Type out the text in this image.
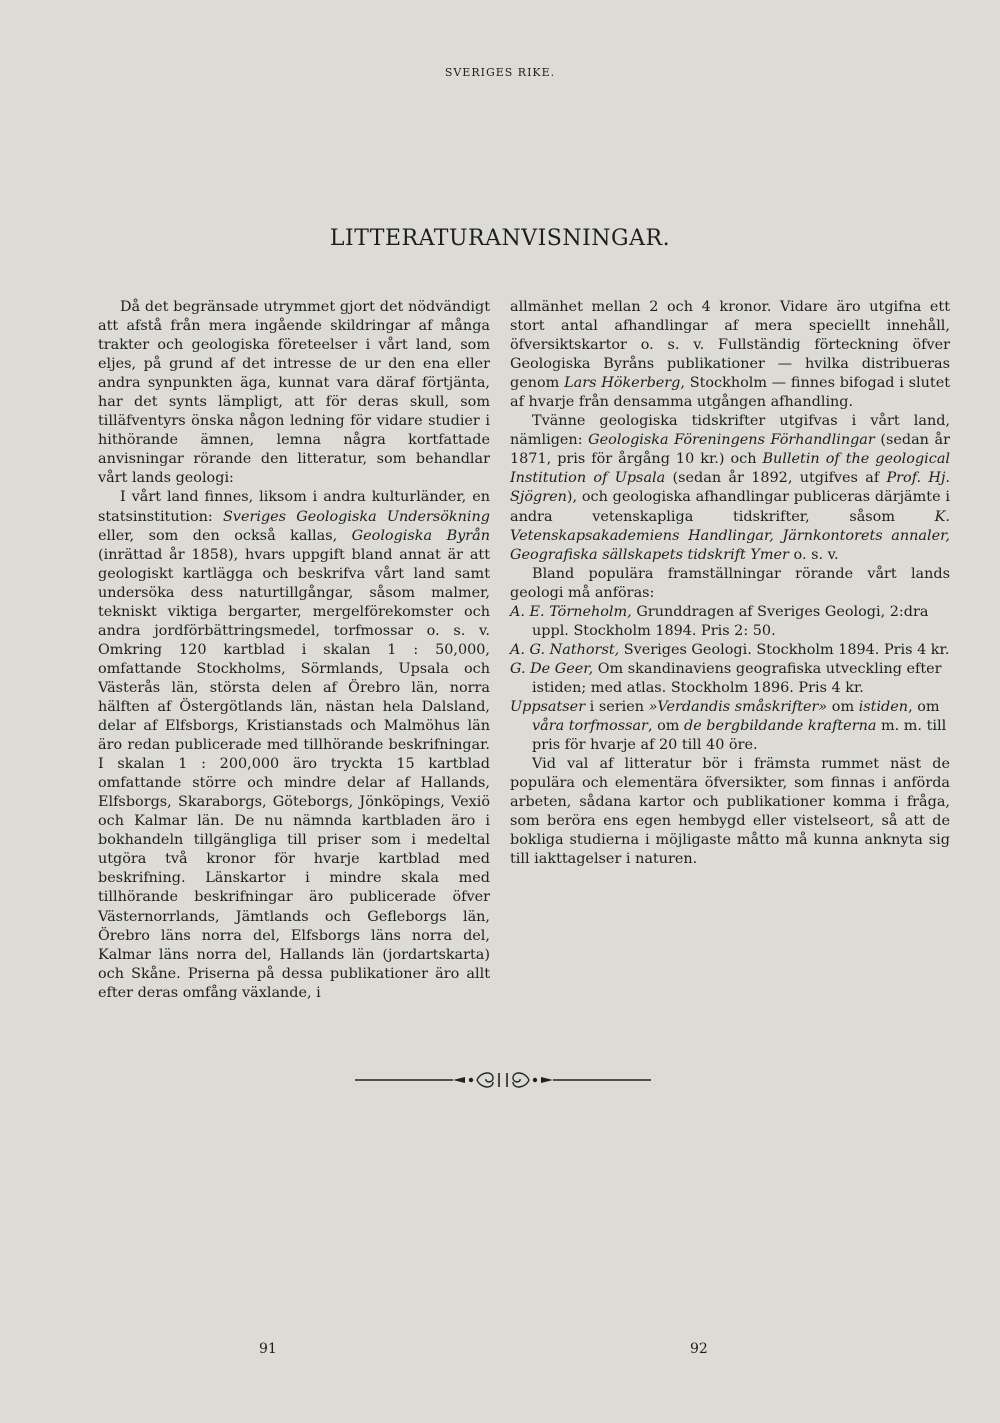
SVERIGES RIKE.
LITTERATURANVISNINGAR.

Då det begränsade utrymmet gjort det nödvändigt att afstå från mera ingående skildringar af många trakter och geologiska företeelser i vårt land, som eljes, på grund af det intresse de ur den ena eller andra synpunkten äga, kunnat vara däraf förtjänta, har det synts lämpligt, att för deras skull, som tilläfventyrs önska någon ledning för vidare studier i hithörande ämnen, lemna några kortfattade anvisningar rörande den litteratur, som behandlar vårt lands geologi:

I vårt land finnes, liksom i andra kulturländer, en statsinstitution: Sveriges Geologiska Undersökning eller, som den också kallas, Geologiska Byrån (inrättad år 1858), hvars uppgift bland annat är att geologiskt kartlägga och beskrifva vårt land samt undersöka dess naturtillgångar, såsom malmer, tekniskt viktiga bergarter, mergelförekomster och andra jordförbättringsmedel, torfmossar o. s. v. Omkring 120 kartblad i skalan 1 : 50,000, omfattande Stockholms, Sörmlands, Upsala och Västerås län, största delen af Örebro län, norra hälften af Östergötlands län, nästan hela Dalsland, delar af Elfsborgs, Kristianstads och Malmöhus län äro redan publicerade med tillhörande beskrifningar. I skalan 1 : 200,000 äro tryckta 15 kartblad omfattande större och mindre delar af Hallands, Elfsborgs, Skaraborgs, Göteborgs, Jönköpings, Vexiö och Kalmar län. De nu nämnda kartbladen äro i bokhandeln tillgängliga till priser som i medeltal utgöra två kronor för hvarje kartblad med beskrifning. Länskartor i mindre skala med tillhörande beskrifningar äro publicerade öfver Västernorrlands, Jämtlands och Gefleborgs län, Örebro läns norra del, Elfsborgs läns norra del, Kalmar läns norra del, Hallands län (jordartskarta) och Skåne. Priserna på dessa publikationer äro allt efter deras omfång växlande, i

allmänhet mellan 2 och 4 kronor. Vidare äro utgifna ett stort antal afhandlingar af mera speciellt innehåll, öfversiktskartor o. s. v. Fullständig förteckning öfver Geologiska Byråns publikationer — hvilka distribueras genom Lars Hökerberg, Stockholm — finnes bifogad i slutet af hvarje från densamma utgången afhandling.

Tvänne geologiska tidskrifter utgifvas i vårt land, nämligen: Geologiska Föreningens Förhandlingar (sedan år 1871, pris för årgång 10 kr.) och Bulletin of the geological Institution of Upsala (sedan år 1892, utgifves af Prof. Hj. Sjögren), och geologiska afhandlingar publiceras därjämte i andra vetenskapliga tidskrifter, såsom K. Vetenskapsakademiens Handlingar, Järnkontorets annaler, Geografiska sällskapets tidskrift Ymer o. s. v.

Bland populära framställningar rörande vårt lands geologi må anföras:

A. E. Törneholm, Grunddragen af Sveriges Geologi, 2:dra uppl. Stockholm 1894. Pris 2: 50.

A. G. Nathorst, Sveriges Geologi. Stockholm 1894. Pris 4 kr.

G. De Geer, Om skandinaviens geografiska utveckling efter istiden; med atlas. Stockholm 1896. Pris 4 kr.

Uppsatser i serien »Verdandis småskrifter» om istiden, om våra torfmossar, om de bergbildande krafterna m. m. till pris för hvarje af 20 till 40 öre.

Vid val af litteratur bör i främsta rummet näst de populära och elementära öfversikter, som finnas i anförda arbeten, sådana kartor och publikationer komma i fråga, som beröra ens egen hembygd eller vistelseort, så att de bokliga studierna i möjligaste måtto må kunna anknyta sig till iakttagelser i naturen.

91	92
